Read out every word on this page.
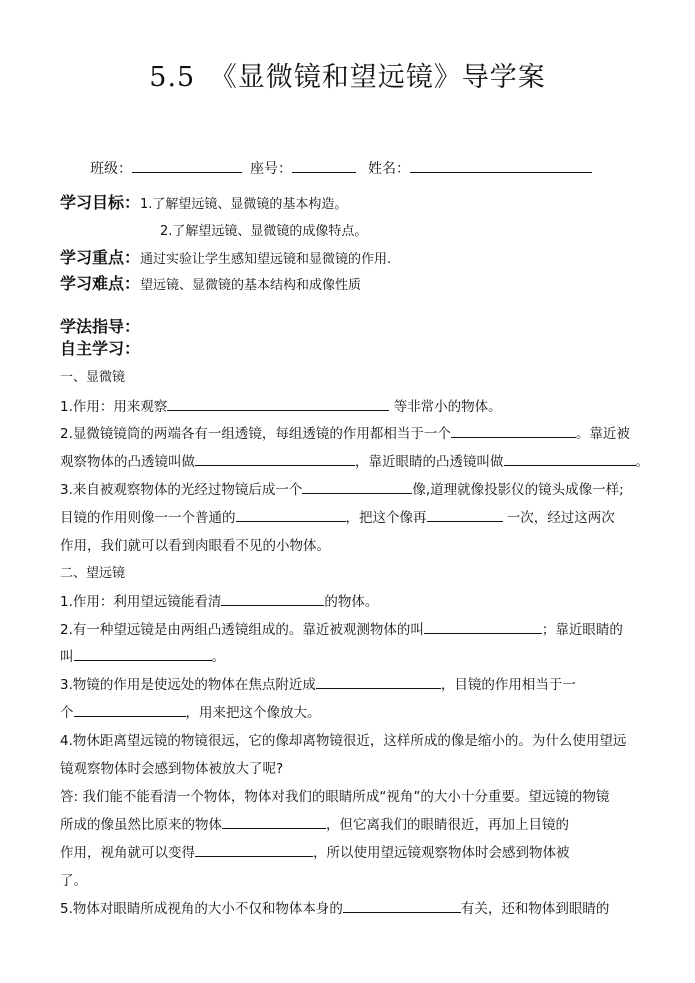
5.5　《显微镜和望远镜》导学案
班级：	座号：	姓名：
学习目标：1.了解望远镜、显微镜的基本构造。
2.了解望远镜、显微镜的成像特点。
学习重点：通过实验让学生感知望远镜和显微镜的作用.
学习难点：望远镜、显微镜的基本结构和成像性质
学法指导：
自主学习：
一、显微镜
1.作用：用来观察	等非常小的物体。
2.显微镜镜筒的两端各有一组透镜，每组透镜的作用都相当于一个	。靠近被
观察物体的凸透镜叫做	，靠近眼睛的凸透镜叫做	。
3.来自被观察物体的光经过物镜后成一个	像,道理就像投影仪的镜头成像一样;
目镜的作用则像一一个普通的	，把这个像再	一次，经过这两次
作用，我们就可以看到肉眼看不见的小物体。
二、望远镜
1.作用：利用望远镜能看清	的物体。
2.有一种望远镜是由两组凸透镜组成的。靠近被观测物体的叫	；靠近眼睛的
叫	。
3.物镜的作用是使远处的物体在焦点附近成	，目镜的作用相当于一
个	，用来把这个像放大。
4.物休距离望远镜的物镜很远，它的像却离物镜很近，这样所成的像是缩小的。为什么使用望远
镜观察物体时会感到物体被放大了呢?
答: 我们能不能看清一个物体，物体对我们的眼睛所成“视角”的大小十分重要。望远镜的物镜
所成的像虽然比原来的物体	，但它离我们的眼睛很近，再加上目镜的
作用，视角就可以变得	，所以使用望远镜观察物体时会感到物体被
了。
5.物体对眼睛所成视角的大小不仅和物体本身的	有关，还和物体到眼睛的
